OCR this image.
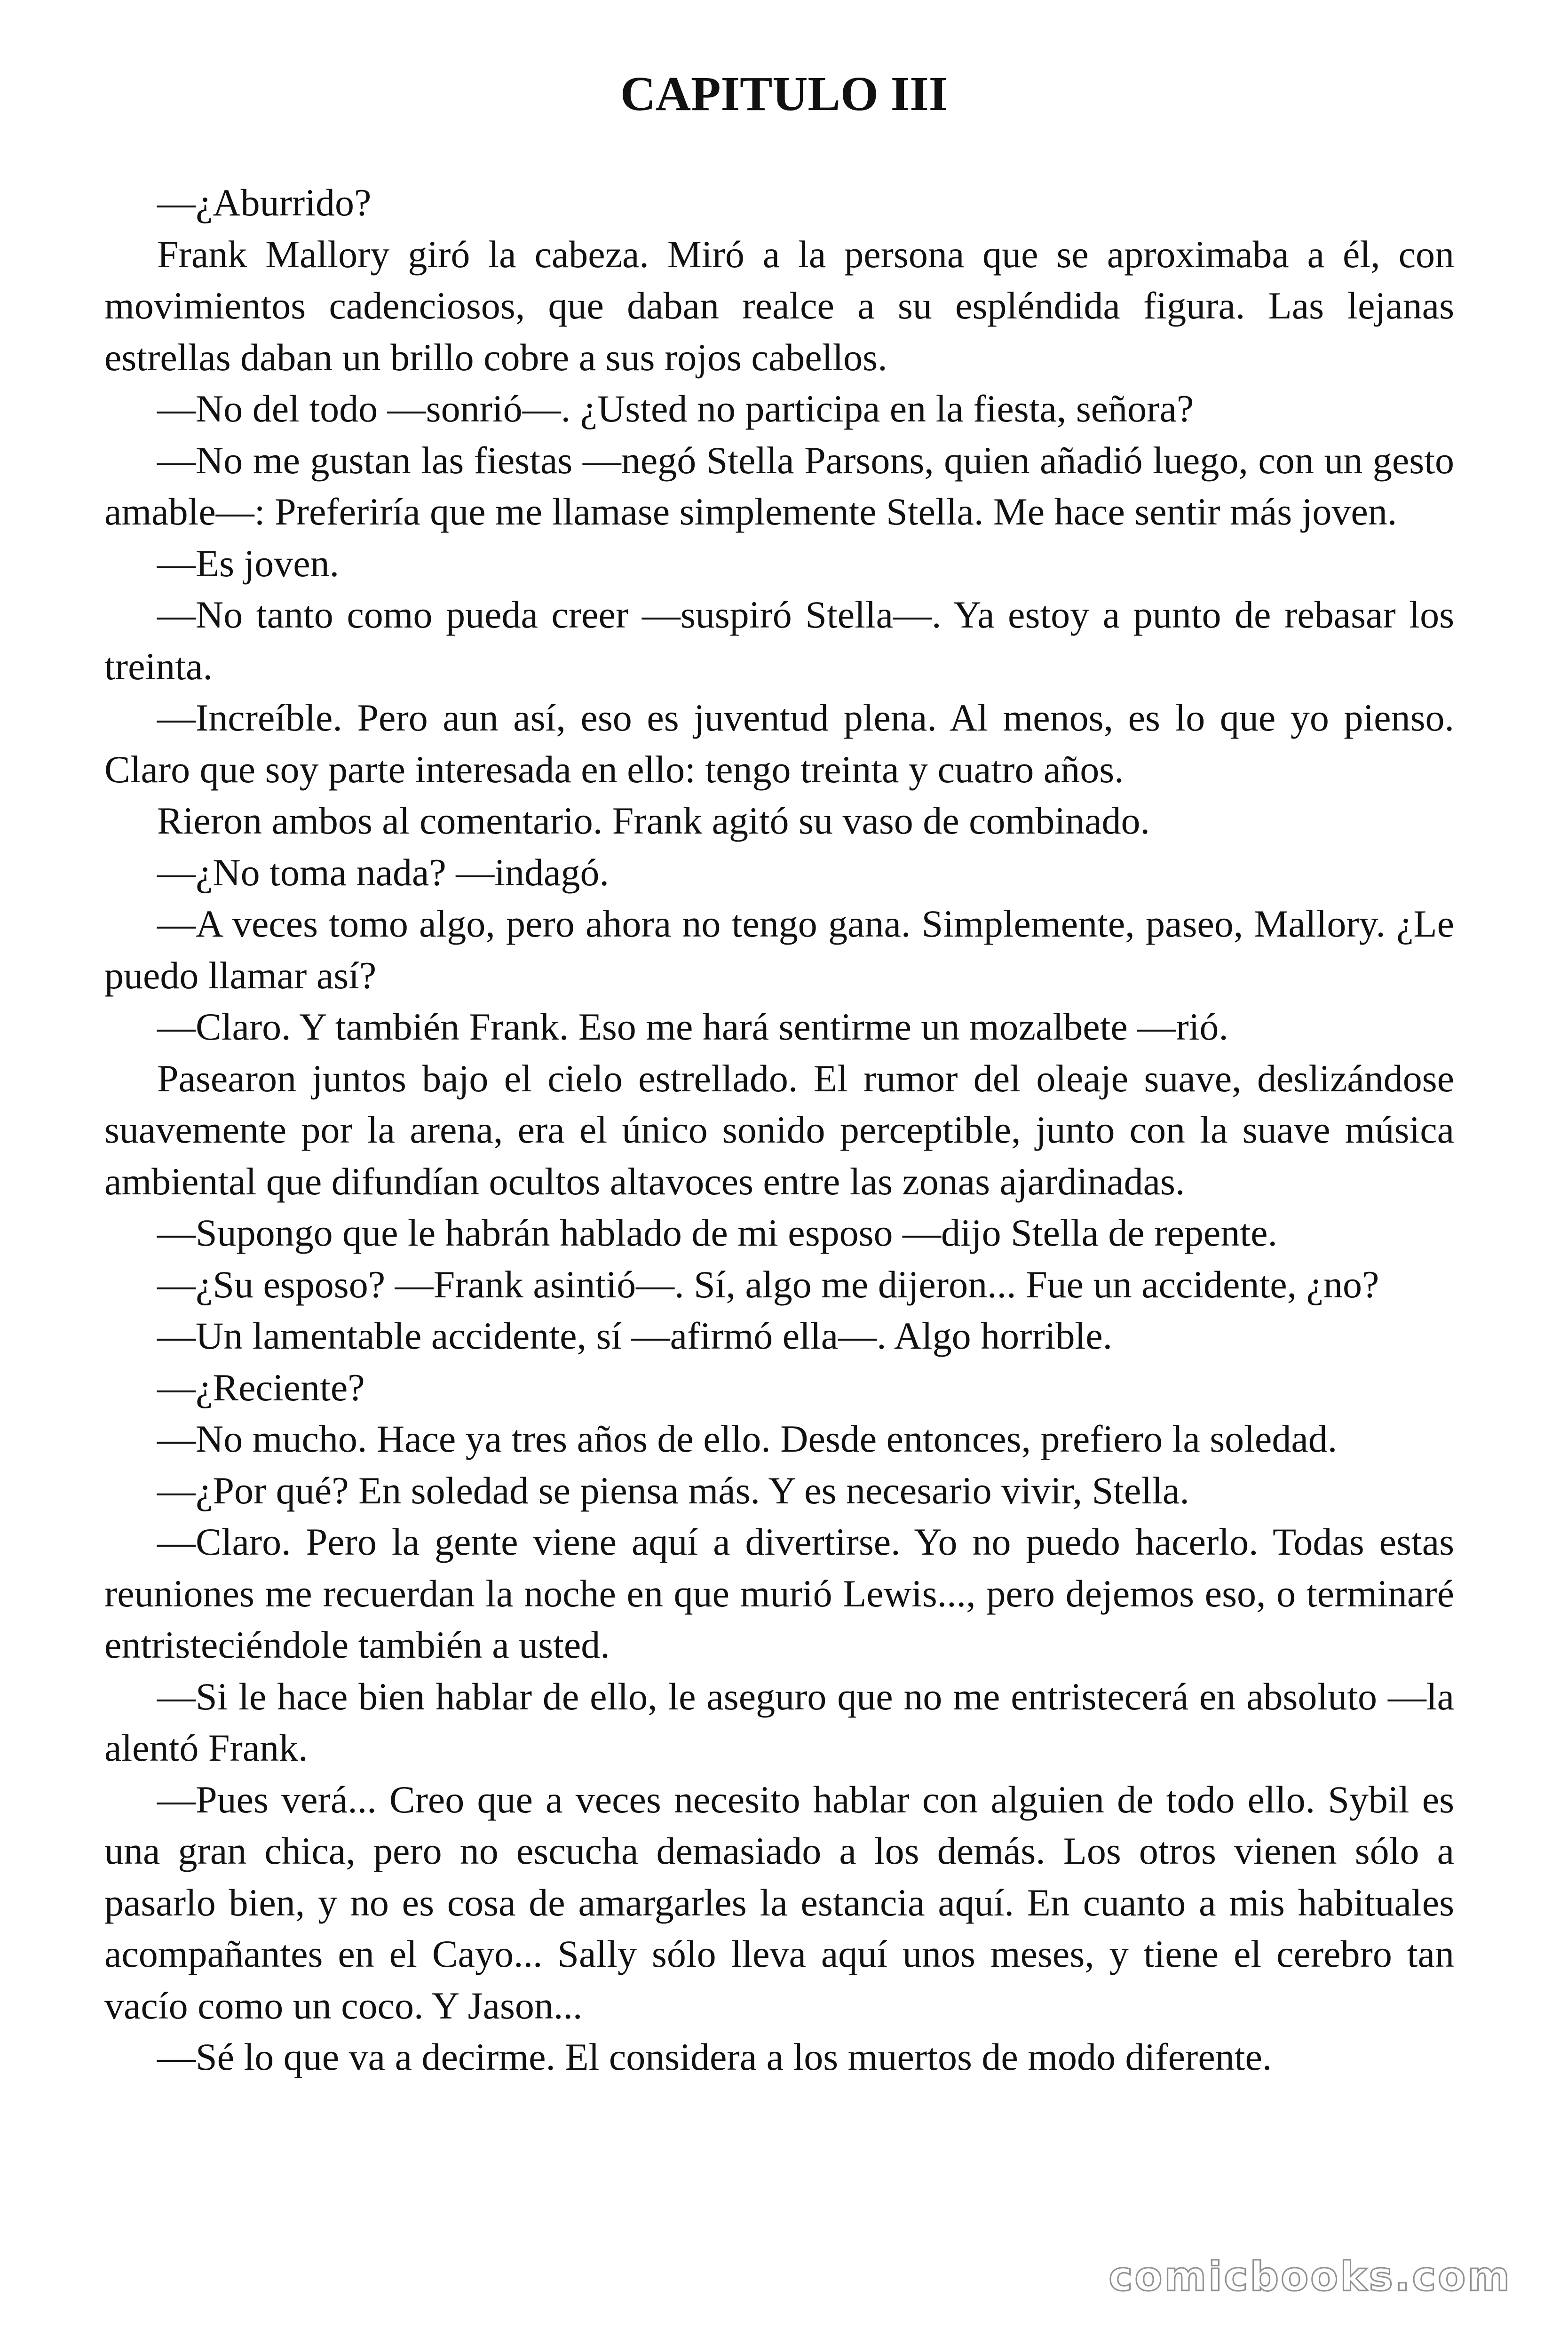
CAPITULO III

—¿Aburrido?

Frank Mallory giró la cabeza. Miró a la persona que se aproximaba a él, con movimientos cadenciosos, que daban realce a su espléndida figura. Las lejanas estrellas daban un brillo cobre a sus rojos cabellos.

—No del todo —sonrió—. ¿Usted no participa en la fiesta, señora?

—No me gustan las fiestas —negó Stella Parsons, quien añadió luego, con un gesto amable—: Preferiría que me llamase simplemente Stella. Me hace sentir más joven.

—Es joven.

—No tanto como pueda creer —suspiró Stella—. Ya estoy a punto de rebasar los treinta.

—Increíble. Pero aun así, eso es juventud plena. Al menos, es lo que yo pienso. Claro que soy parte interesada en ello: tengo treinta y cuatro años.

Rieron ambos al comentario. Frank agitó su vaso de combinado.

—¿No toma nada? —indagó.

—A veces tomo algo, pero ahora no tengo gana. Simplemente, paseo, Mallory. ¿Le puedo llamar así?

—Claro. Y también Frank. Eso me hará sentirme un mozalbete —rió.

Pasearon juntos bajo el cielo estrellado. El rumor del oleaje suave, deslizándose suavemente por la arena, era el único sonido perceptible, junto con la suave música ambiental que difundían ocultos altavoces entre las zonas ajardinadas.

—Supongo que le habrán hablado de mi esposo —dijo Stella de repente.

—¿Su esposo? —Frank asintió—. Sí, algo me dijeron... Fue un accidente, ¿no?

—Un lamentable accidente, sí —afirmó ella—. Algo horrible.

—¿Reciente?

—No mucho. Hace ya tres años de ello. Desde entonces, prefiero la soledad.

—¿Por qué? En soledad se piensa más. Y es necesario vivir, Stella.

—Claro. Pero la gente viene aquí a divertirse. Yo no puedo hacerlo. Todas estas reuniones me recuerdan la noche en que murió Lewis..., pero dejemos eso, o terminaré entristeciéndole también a usted.

—Si le hace bien hablar de ello, le aseguro que no me entristecerá en absoluto —la alentó Frank.

—Pues verá... Creo que a veces necesito hablar con alguien de todo ello. Sybil es una gran chica, pero no escucha demasiado a los demás. Los otros vienen sólo a pasarlo bien, y no es cosa de amargarles la estancia aquí. En cuanto a mis habituales acompañantes en el Cayo... Sally sólo lleva aquí unos meses, y tiene el cerebro tan vacío como un coco. Y Jason...

—Sé lo que va a decirme. El considera a los muertos de modo diferente.

comicbooks.com
